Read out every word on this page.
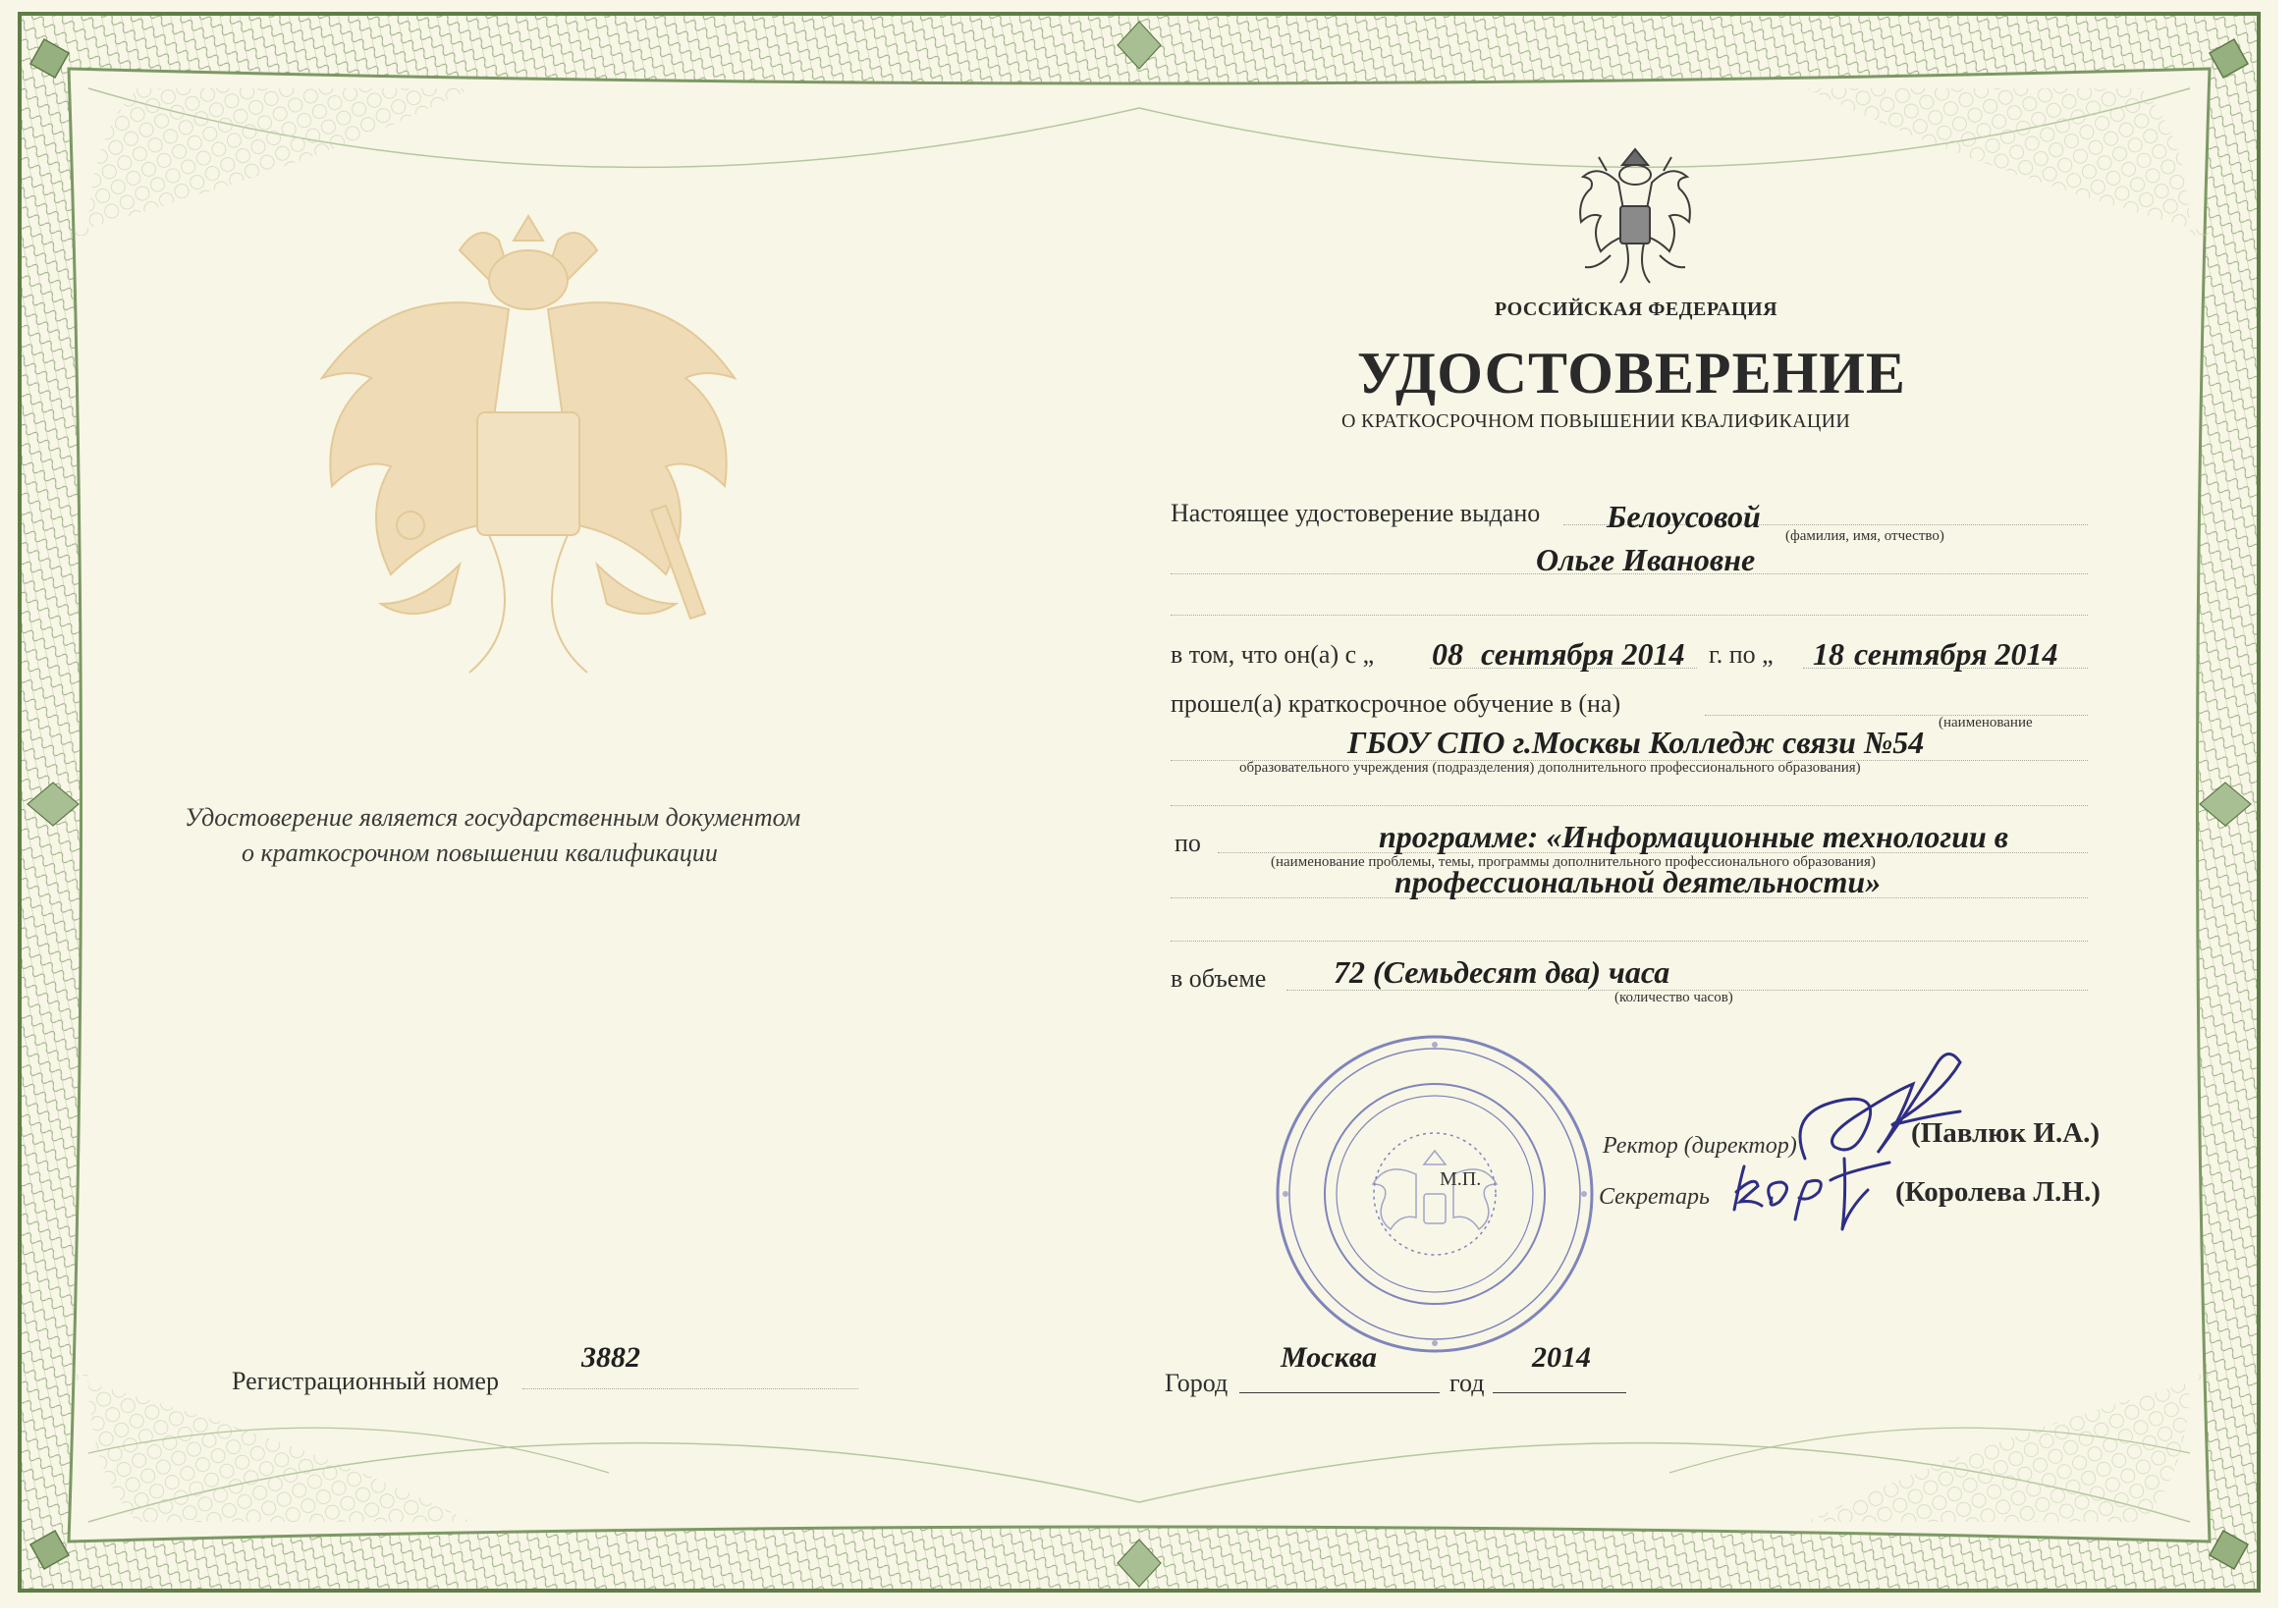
Удостоверение является государственным документом
о краткосрочном повышении квалификации
Регистрационный номер
3882
РОССИЙСКАЯ ФЕДЕРАЦИЯ
УДОСТОВЕРЕНИЕ
О КРАТКОСРОЧНОМ ПОВЫШЕНИИ КВАЛИФИКАЦИИ
Настоящее удостоверение выдано Белоусовой
(фамилия, имя, отчество)
Ольге Ивановне
в том, что он(а) с „ 08 сентября 2014 г. по „ 18 сентября 2014
прошел(а) краткосрочное обучение в (на)
(наименование
ГБОУ СПО г.Москвы Колледж связи №54
образовательного учреждения (подразделения) дополнительного профессионального образования)
по	программе: «Информационные технологии в
(наименование проблемы, темы, программы дополнительного профессионального образования)
профессиональной деятельности»
в объеме 72 (Семьдесят два) часа
(количество часов)
М.П.
Ректор (директор)	(Павлюк И.А.)
Секретарь	(Королева Л.Н.)
Город
Москва
год
2014
